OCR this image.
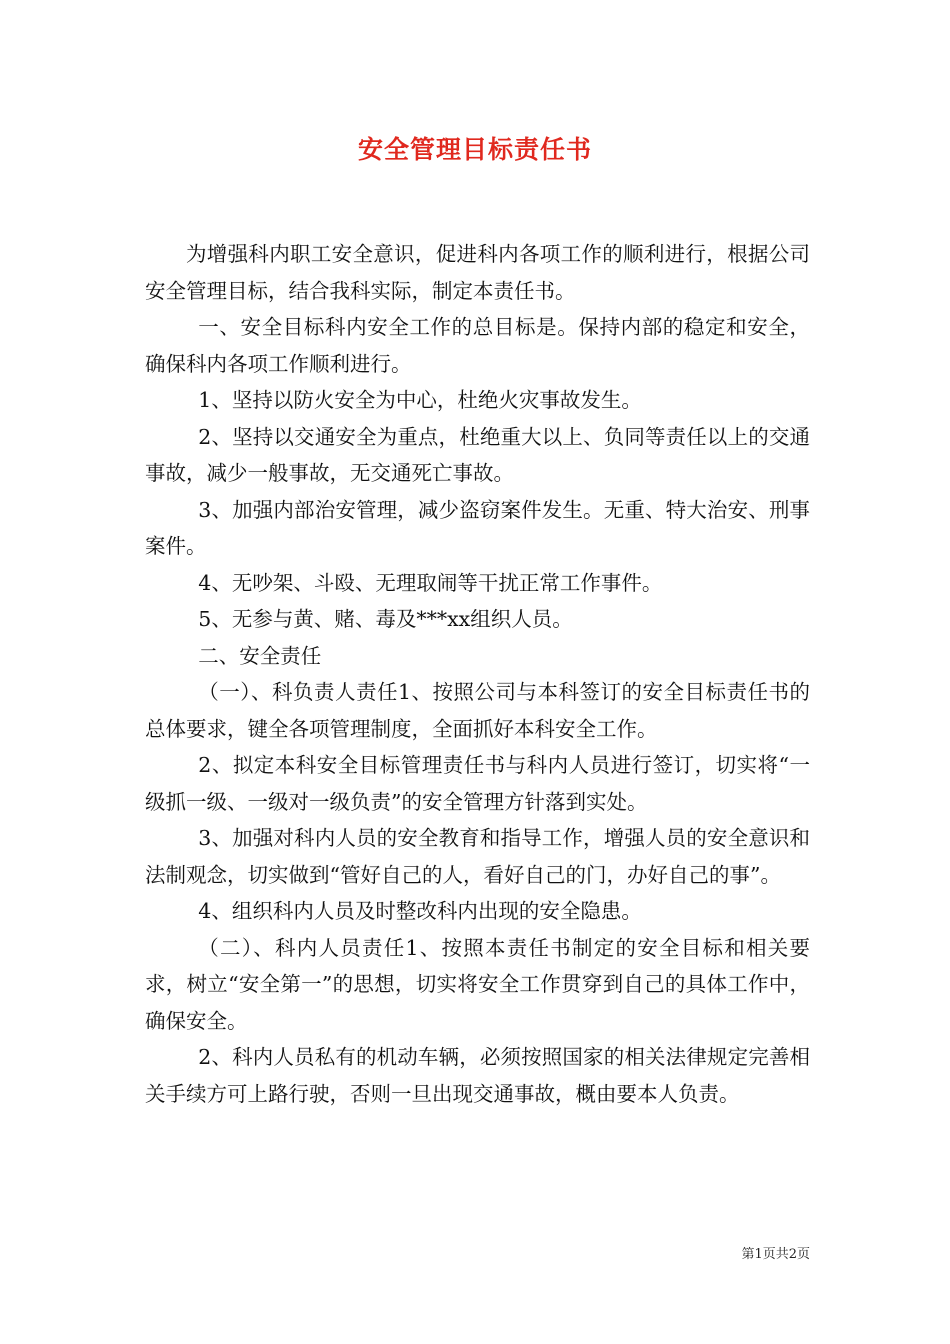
安全管理目标责任书

为增强科内职工安全意识，促进科内各项工作的顺利进行，根据公司安全管理目标，结合我科实际，制定本责任书。

一、安全目标科内安全工作的总目标是。保持内部的稳定和安全，确保科内各项工作顺利进行。

1、坚持以防火安全为中心，杜绝火灾事故发生。

2、坚持以交通安全为重点，杜绝重大以上、负同等责任以上的交通事故，减少一般事故，无交通死亡事故。

3、加强内部治安管理，减少盗窃案件发生。无重、特大治安、刑事案件。

4、无吵架、斗殴、无理取闹等干扰正常工作事件。

5、无参与黄、赌、毒及***xx组织人员。

二、安全责任

（一）、科负责人责任1、按照公司与本科签订的安全目标责任书的总体要求，键全各项管理制度，全面抓好本科安全工作。

2、拟定本科安全目标管理责任书与科内人员进行签订，切实将“一级抓一级、一级对一级负责”的安全管理方针落到实处。

3、加强对科内人员的安全教育和指导工作，增强人员的安全意识和法制观念，切实做到“管好自己的人，看好自己的门，办好自己的事”。

4、组织科内人员及时整改科内出现的安全隐患。

（二）、科内人员责任1、按照本责任书制定的安全目标和相关要求，树立“安全第一”的思想，切实将安全工作贯穿到自己的具体工作中，确保安全。

2、科内人员私有的机动车辆，必须按照国家的相关法律规定完善相关手续方可上路行驶，否则一旦出现交通事故，概由要本人负责。

第1页共2页
